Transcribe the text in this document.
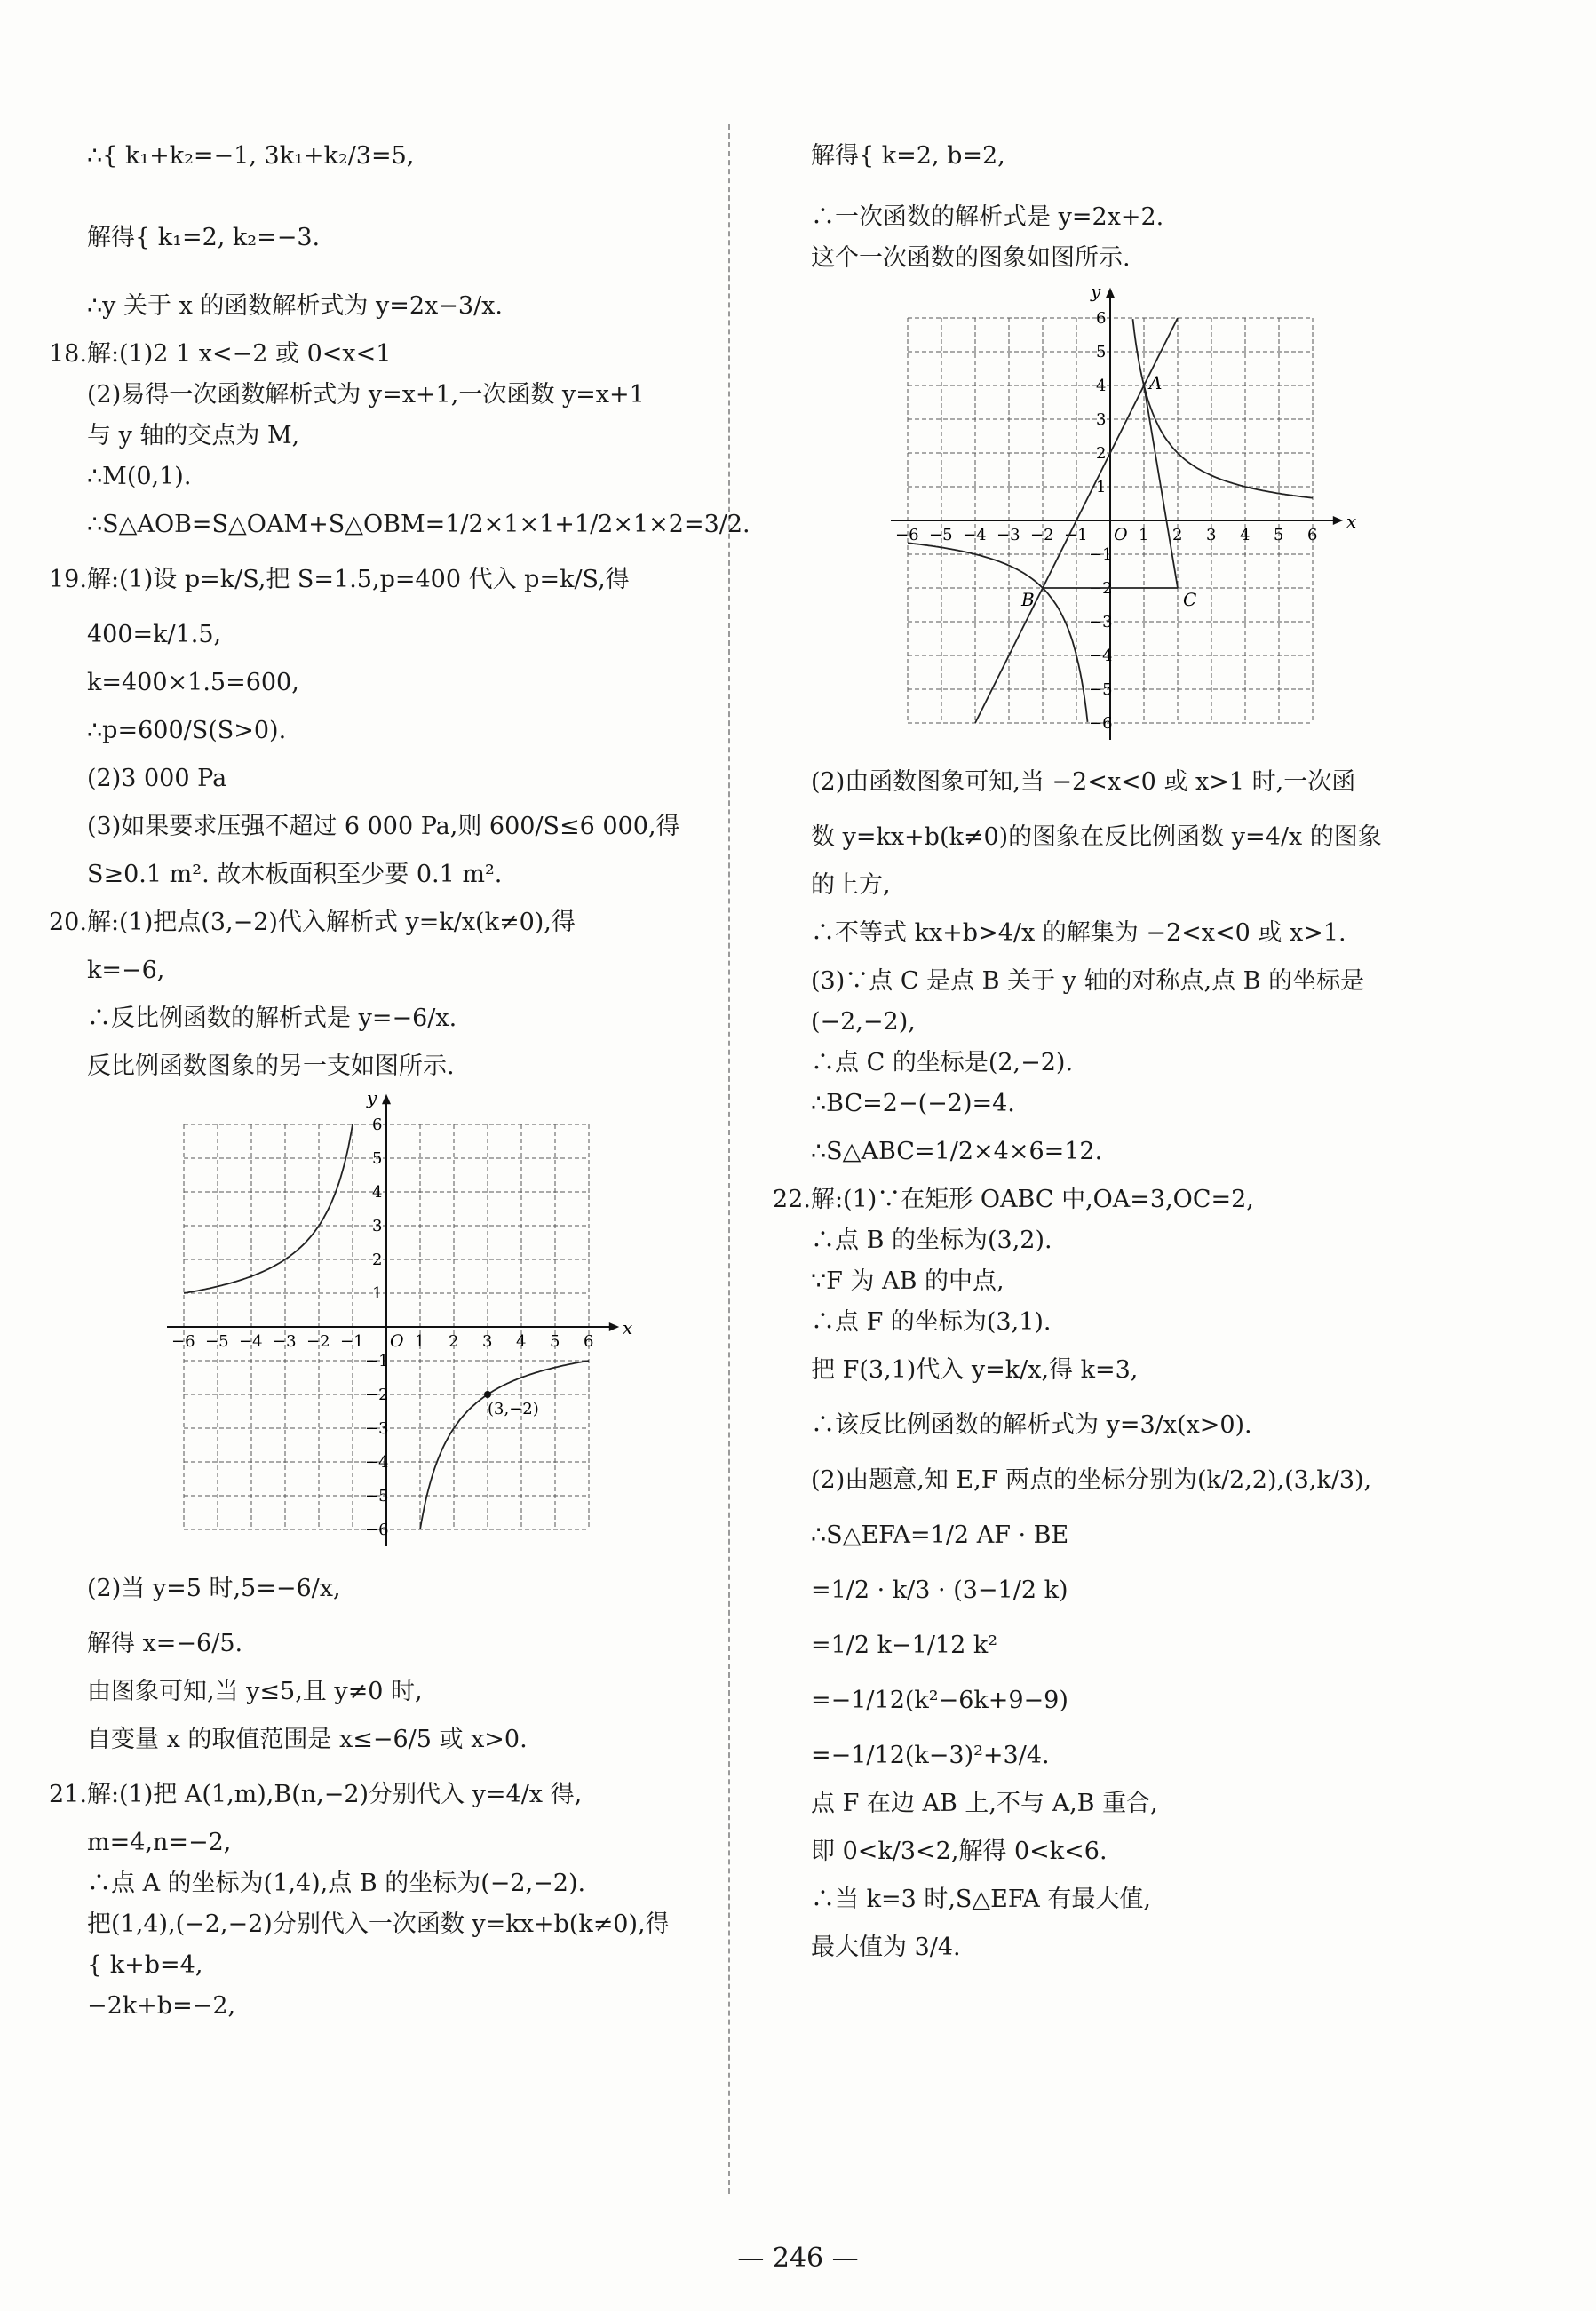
∴{ k₁+k₂=−1, 3k₁+k₂/3=5,
解得{ k₁=2, k₂=−3.
∴y 关于 x 的函数解析式为 y=2x−3/x.
18.解:(1)2 1 x<−2 或 0<x<1
(2)易得一次函数解析式为 y=x+1,一次函数 y=x+1
与 y 轴的交点为 M,
∴M(0,1).
∴S△AOB=S△OAM+S△OBM=1/2×1×1+1/2×1×2=3/2.
19.解:(1)设 p=k/S,把 S=1.5,p=400 代入 p=k/S,得
400=k/1.5,
k=400×1.5=600,
∴p=600/S(S>0).
(2)3 000 Pa
(3)如果要求压强不超过 6 000 Pa,则 600/S≤6 000,得
S≥0.1 m². 故木板面积至少要 0.1 m².
20.解:(1)把点(3,−2)代入解析式 y=k/x(k≠0),得
k=−6,
∴反比例函数的解析式是 y=−6/x.
反比例函数图象的另一支如图所示.
x
y
O
−6 −5 −4 −3 −2 −1	1 2 3 4 5 6
6
5
4
3
2
1
−1
−2
−3
−4
−5
−6
(3,−2)
(2)当 y=5 时,5=−6/x,
解得 x=−6/5.
由图象可知,当 y≤5,且 y≠0 时,
自变量 x 的取值范围是 x≤−6/5 或 x>0.
21.解:(1)把 A(1,m),B(n,−2)分别代入 y=4/x 得,
m=4,n=−2,
∴点 A 的坐标为(1,4),点 B 的坐标为(−2,−2).
把(1,4),(−2,−2)分别代入一次函数 y=kx+b(k≠0),得
{ k+b=4,
−2k+b=−2,
解得{ k=2, b=2,
∴一次函数的解析式是 y=2x+2.
这个一次函数的图象如图所示.
x
y
O
−6 −5 −4 −3 −2 −1	1 2 3 4 5 6
6
5
4
3
2
1
−1
−2
−3
−4
−5
−6
A
B	C
(2)由函数图象可知,当 −2<x<0 或 x>1 时,一次函
数 y=kx+b(k≠0)的图象在反比例函数 y=4/x 的图象
的上方,
∴不等式 kx+b>4/x 的解集为 −2<x<0 或 x>1.
(3)∵点 C 是点 B 关于 y 轴的对称点,点 B 的坐标是
(−2,−2),
∴点 C 的坐标是(2,−2).
∴BC=2−(−2)=4.
∴S△ABC=1/2×4×6=12.
22.解:(1)∵在矩形 OABC 中,OA=3,OC=2,
∴点 B 的坐标为(3,2).
∵F 为 AB 的中点,
∴点 F 的坐标为(3,1).
把 F(3,1)代入 y=k/x,得 k=3,
∴该反比例函数的解析式为 y=3/x(x>0).
(2)由题意,知 E,F 两点的坐标分别为(k/2,2),(3,k/3),
∴S△EFA=1/2 AF · BE
=1/2 · k/3 · (3−1/2 k)
=1/2 k−1/12 k²
=−1/12(k²−6k+9−9)
=−1/12(k−3)²+3/4.
点 F 在边 AB 上,不与 A,B 重合,
即 0<k/3<2,解得 0<k<6.
∴当 k=3 时,S△EFA 有最大值,
最大值为 3/4.
— 246 —
